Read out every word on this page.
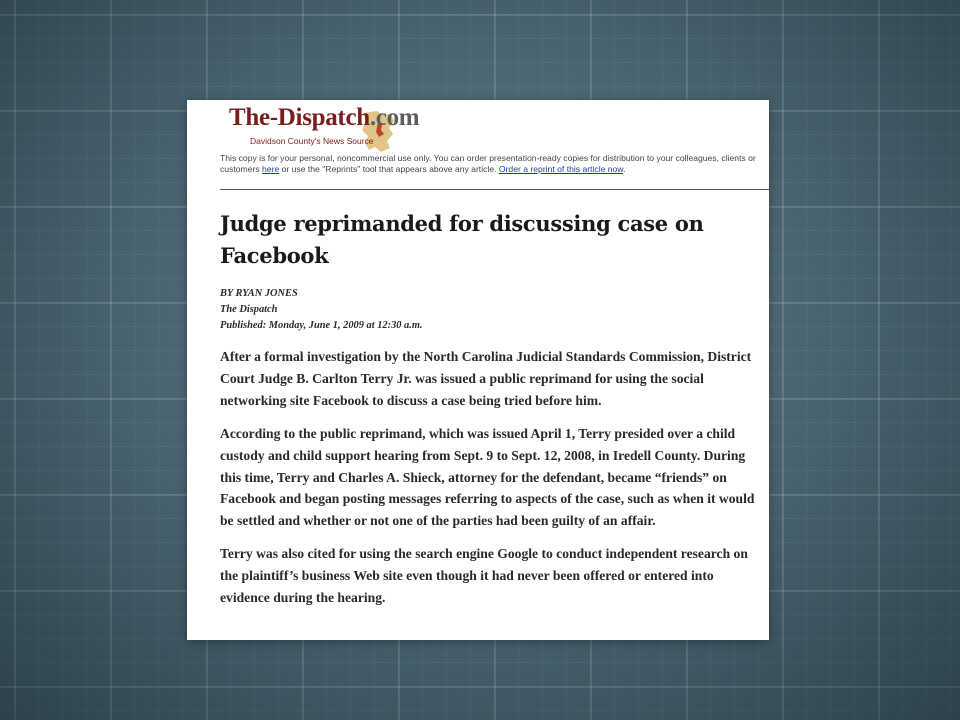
The-Dispatch.com
Davidson County's News Source
This copy is for your personal, noncommercial use only. You can order presentation-ready copies for distribution to your colleagues, clients or customers here or use the "Reprints" tool that appears above any article. Order a reprint of this article now.
Judge reprimanded for discussing case on Facebook
BY RYAN JONES
The Dispatch
Published: Monday, June 1, 2009 at 12:30 a.m.

After a formal investigation by the North Carolina Judicial Standards Commission, District Court Judge B. Carlton Terry Jr. was issued a public reprimand for using the social networking site Facebook to discuss a case being tried before him.

According to the public reprimand, which was issued April 1, Terry presided over a child custody and child support hearing from Sept. 9 to Sept. 12, 2008, in Iredell County. During this time, Terry and Charles A. Shieck, attorney for the defendant, became “friends” on Facebook and began posting messages referring to aspects of the case, such as when it would be settled and whether or not one of the parties had been guilty of an affair.

Terry was also cited for using the search engine Google to conduct independent research on the plaintiff’s business Web site even though it had never been offered or entered into evidence during the hearing.
